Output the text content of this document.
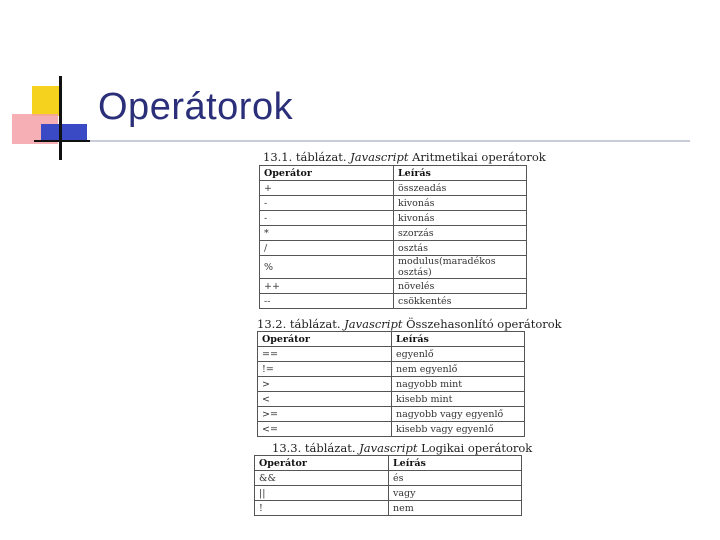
Operátorok
13.1. táblázat. Javascript Aritmetikai operátorok
Operátor	Leírás
+	összeadás
-	kivonás
-	kivonás
*	szorzás
/	osztás
%	modulus(maradékos osztás)
++	növelés
--	csökkentés
13.2. táblázat. Javascript Összehasonlító operátorok
Operátor	Leírás
==	egyenlő
!=	nem egyenlő
>	nagyobb mint
<	kisebb mint
>=	nagyobb vagy egyenlő
<=	kisebb vagy egyenlő
13.3. táblázat. Javascript Logikai operátorok
Operátor	Leírás
&&	és
||	vagy
!	nem
